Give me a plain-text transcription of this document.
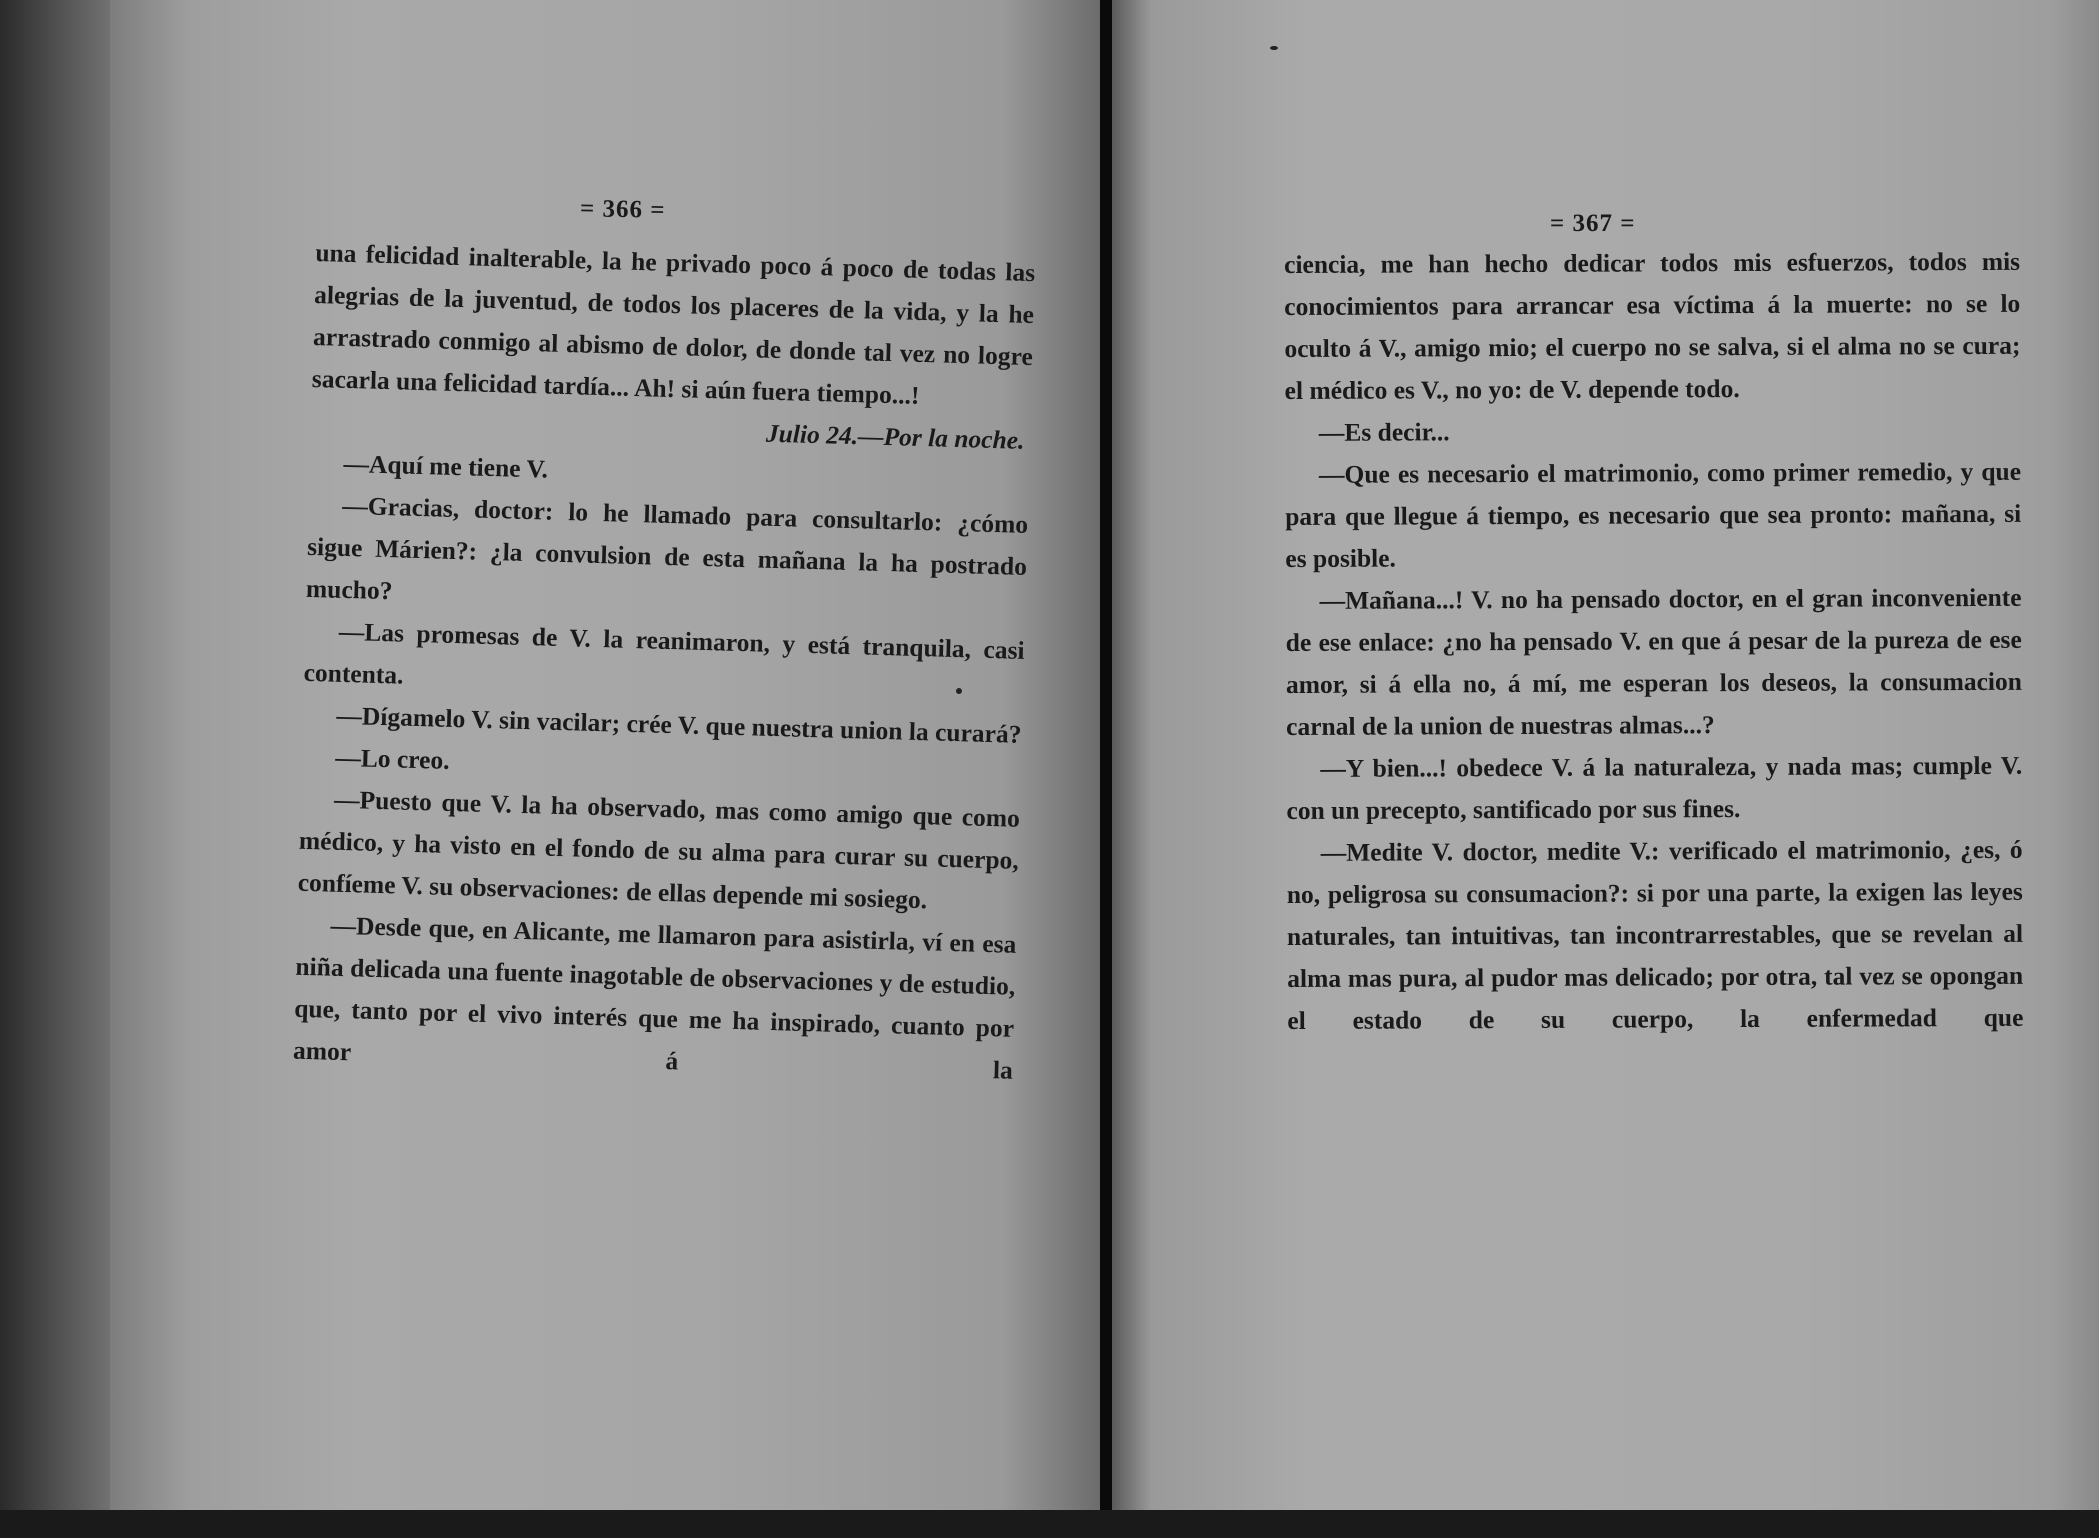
= 366 =

una felicidad inalterable, la he privado poco á poco de todas las alegrias de la juventud, de todos los placeres de la vida, y la he arrastrado conmigo al abismo de dolor, de donde tal vez no logre sacarla una felicidad tardía... Ah! si aún fuera tiempo...!

Julio 24.—Por la noche.

—Aquí me tiene V.

—Gracias, doctor: lo he llamado para consultarlo: ¿cómo sigue Márien?: ¿la convulsion de esta mañana la ha postrado mucho?

—Las promesas de V. la reanimaron, y está tranquila, casi contenta.

—Dígamelo V. sin vacilar; crée V. que nuestra union la curará?

—Lo creo.

—Puesto que V. la ha observado, mas como amigo que como médico, y ha visto en el fondo de su alma para curar su cuerpo, confíeme V. su observaciones: de ellas depende mi sosiego.

—Desde que, en Alicante, me llamaron para asistirla, ví en esa niña delicada una fuente inagotable de observaciones y de estudio, que, tanto por el vivo interés que me ha inspirado, cuanto por amor á la

= 367 =

ciencia, me han hecho dedicar todos mis esfuerzos, todos mis conocimientos para arrancar esa víctima á la muerte: no se lo oculto á V., amigo mio; el cuerpo no se salva, si el alma no se cura; el médico es V., no yo: de V. depende todo.

—Es decir...

—Que es necesario el matrimonio, como primer remedio, y que para que llegue á tiempo, es necesario que sea pronto: mañana, si es posible.

—Mañana...! V. no ha pensado doctor, en el gran inconveniente de ese enlace: ¿no ha pensado V. en que á pesar de la pureza de ese amor, si á ella no, á mí, me esperan los deseos, la consumacion carnal de la union de nuestras almas...?

—Y bien...! obedece V. á la naturaleza, y nada mas; cumple V. con un precepto, santificado por sus fines.

—Medite V. doctor, medite V.: verificado el matrimonio, ¿es, ó no, peligrosa su consumacion?: si por una parte, la exigen las leyes naturales, tan intuitivas, tan incontrarrestables, que se revelan al alma mas pura, al pudor mas delicado; por otra, tal vez se opongan el estado de su cuerpo, la enfermedad que
